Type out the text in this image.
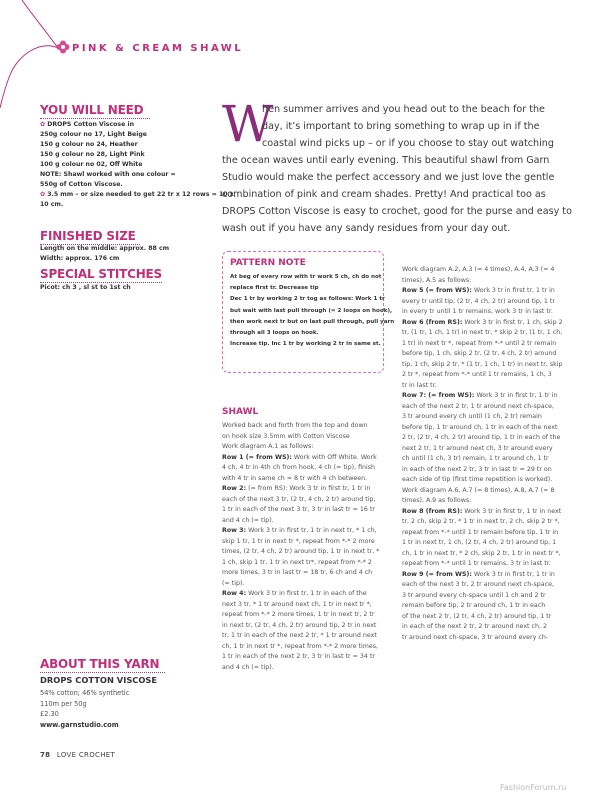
PINK & CREAM SHAWL
YOU WILL NEED
✿ DROPS Cotton Viscose in
250g colour no 17, Light Beige
150 g colour no 24, Heather
150 g colour no 28, Light Pink
100 g colour no 02, Off White
NOTE: Shawl worked with one colour =
550g of Cotton Viscose.
✿ 3.5 mm – or size needed to get 22 tr x 12 rows = 10 x
10 cm.
FINISHED SIZE
Length on the middle: approx. 88 cm
Width: approx. 176 cm
SPECIAL STITCHES
Picot: ch 3 , sl st to 1st ch
ABOUT THIS YARN
DROPS COTTON VISCOSE
54% cotton; 46% synthetic
110m per 50g
£2.30
www.garnstudio.com
W
hen summer arrives and you head out to the beach for the
day, it’s important to bring something to wrap up in if the
coastal wind picks up – or if you choose to stay out watching
the ocean waves until early evening. This beautiful shawl from Garn
Studio would make the perfect accessory and we just love the gentle
combination of pink and cream shades. Pretty! And practical too as
DROPS Cotton Viscose is easy to crochet, good for the purse and easy to
wash out if you have any sandy residues from your day out.
PATTERN NOTE
At beg of every row with tr work 5 ch, ch do not
replace first tr. Decrease tip
Dec 1 tr by working 2 tr tog as follows: Work 1 tr
but wait with last pull through (= 2 loops on hook),
then work next tr but on last pull through, pull yarn
through all 3 loops on hook.
Increase tip. Inc 1 tr by working 2 tr in same st.
SHAWL
Worked back and forth from the top and down
on hook size 3.5mm with Cotton Viscose
Work diagram A.1 as follows:
Row 1 (= from WS): Work with Off White. Work
4 ch, 4 tr in 4th ch from hook, 4 ch (= tip), finish
with 4 tr in same ch = 8 tr with 4 ch between.
Row 2: (= from RS): Work 3 tr in first tr, 1 tr in
each of the next 3 tr, (2 tr, 4 ch, 2 tr) around tip,
1 tr in each of the next 3 tr, 3 tr in last tr = 16 tr
and 4 ch (= tip).
Row 3: Work 3 tr in first tr, 1 tr in next tr, * 1 ch,
skip 1 tr, 1 tr in next tr *, repeat from *-* 2 more
times, (2 tr, 4 ch, 2 tr) around tip, 1 tr in next tr, *
1 ch, skip 1 tr, 1 tr in next tr*, repeat from *-* 2
more times, 3 tr in last tr = 18 tr, 6 ch and 4 ch
(= tip).
Row 4: Work 3 tr in first tr, 1 tr in each of the
next 3 tr, * 1 tr around next ch, 1 tr in next tr *,
repeat from *-* 2 more times, 1 tr in next tr, 2 tr
in next tr, (2 tr, 4 ch, 2 tr) around tip, 2 tr in next
tr, 1 tr in each of the next 2 tr, * 1 tr around next
ch, 1 tr in next tr *, repeat from *-* 2 more times,
1 tr in each of the next 2 tr, 3 tr in last tr = 34 tr
and 4 ch (= tip).
Work diagram A.2, A.3 (= 4 times), A.4, A.3 (= 4
times), A.5 as follows:
Row 5 (= from WS): Work 3 tr in first tr, 1 tr in
every tr until tip, (2 tr, 4 ch, 2 tr) around tip, 1 tr
in every tr until 1 tr remains, work 3 tr in last tr.
Row 6 (from RS): Work 3 tr in first tr, 1 ch, skip 2
tr, (1 tr, 1 ch, 1 tr) in next tr, * skip 2 tr, (1 tr, 1 ch,
1 tr) in next tr *, repeat from *-* until 2 tr remain
before tip, 1 ch, skip 2 tr, (2 tr, 4 ch, 2 tr) around
tip, 1 ch, skip 2 tr, * (1 tr, 1 ch, 1 tr) in next tr, skip
2 tr *, repeat from *-* until 1 tr remains, 1 ch, 3
tr in last tr.
Row 7: (= from WS): Work 3 tr in first tr, 1 tr in
each of the next 2 tr, 1 tr around next ch-space,
3 tr around every ch until (1 ch, 2 tr) remain
before tip, 1 tr around ch, 1 tr in each of the next
2 tr, (2 tr, 4 ch, 2 tr) around tip, 1 tr in each of the
next 2 tr, 1 tr around next ch, 3 tr around every
ch until (1 ch, 3 tr) remain, 1 tr around ch, 1 tr
in each of the next 2 tr, 3 tr in last tr = 29 tr on
each side of tip (first time repetition is worked).
Work diagram A.6, A.7 (= 8 times), A.8, A.7 (= 8
times), A.9 as follows:
Row 8 (from RS): Work 3 tr in first tr, 1 tr in next
tr, 2 ch, skip 2 tr, * 1 tr in next tr, 2 ch, skip 2 tr *,
repeat from *-* until 1 tr remain before tip, 1 tr in
1 tr in next tr, 1 ch, (2 tr, 4 ch, 2 tr) around tip, 1
ch, 1 tr in next tr, * 2 ch, skip 2 tr, 1 tr in next tr *,
repeat from *-* until 1 tr remains, 3 tr in last tr.
Row 9 (= from WS): Work 3 tr in first tr, 1 tr in
each of the next 3 tr, 2 tr around next ch-space,
3 tr around every ch-space until 1 ch and 2 tr
remain before tip, 2 tr around ch, 1 tr in each
of the next 2 tr, (2 tr, 4 ch, 2 tr) around tip, 1 tr
in each of the next 2 tr, 2 tr around next ch, 2
tr around next ch-space, 3 tr around every ch-
78 LOVE CROCHET
FashionForum.ru
